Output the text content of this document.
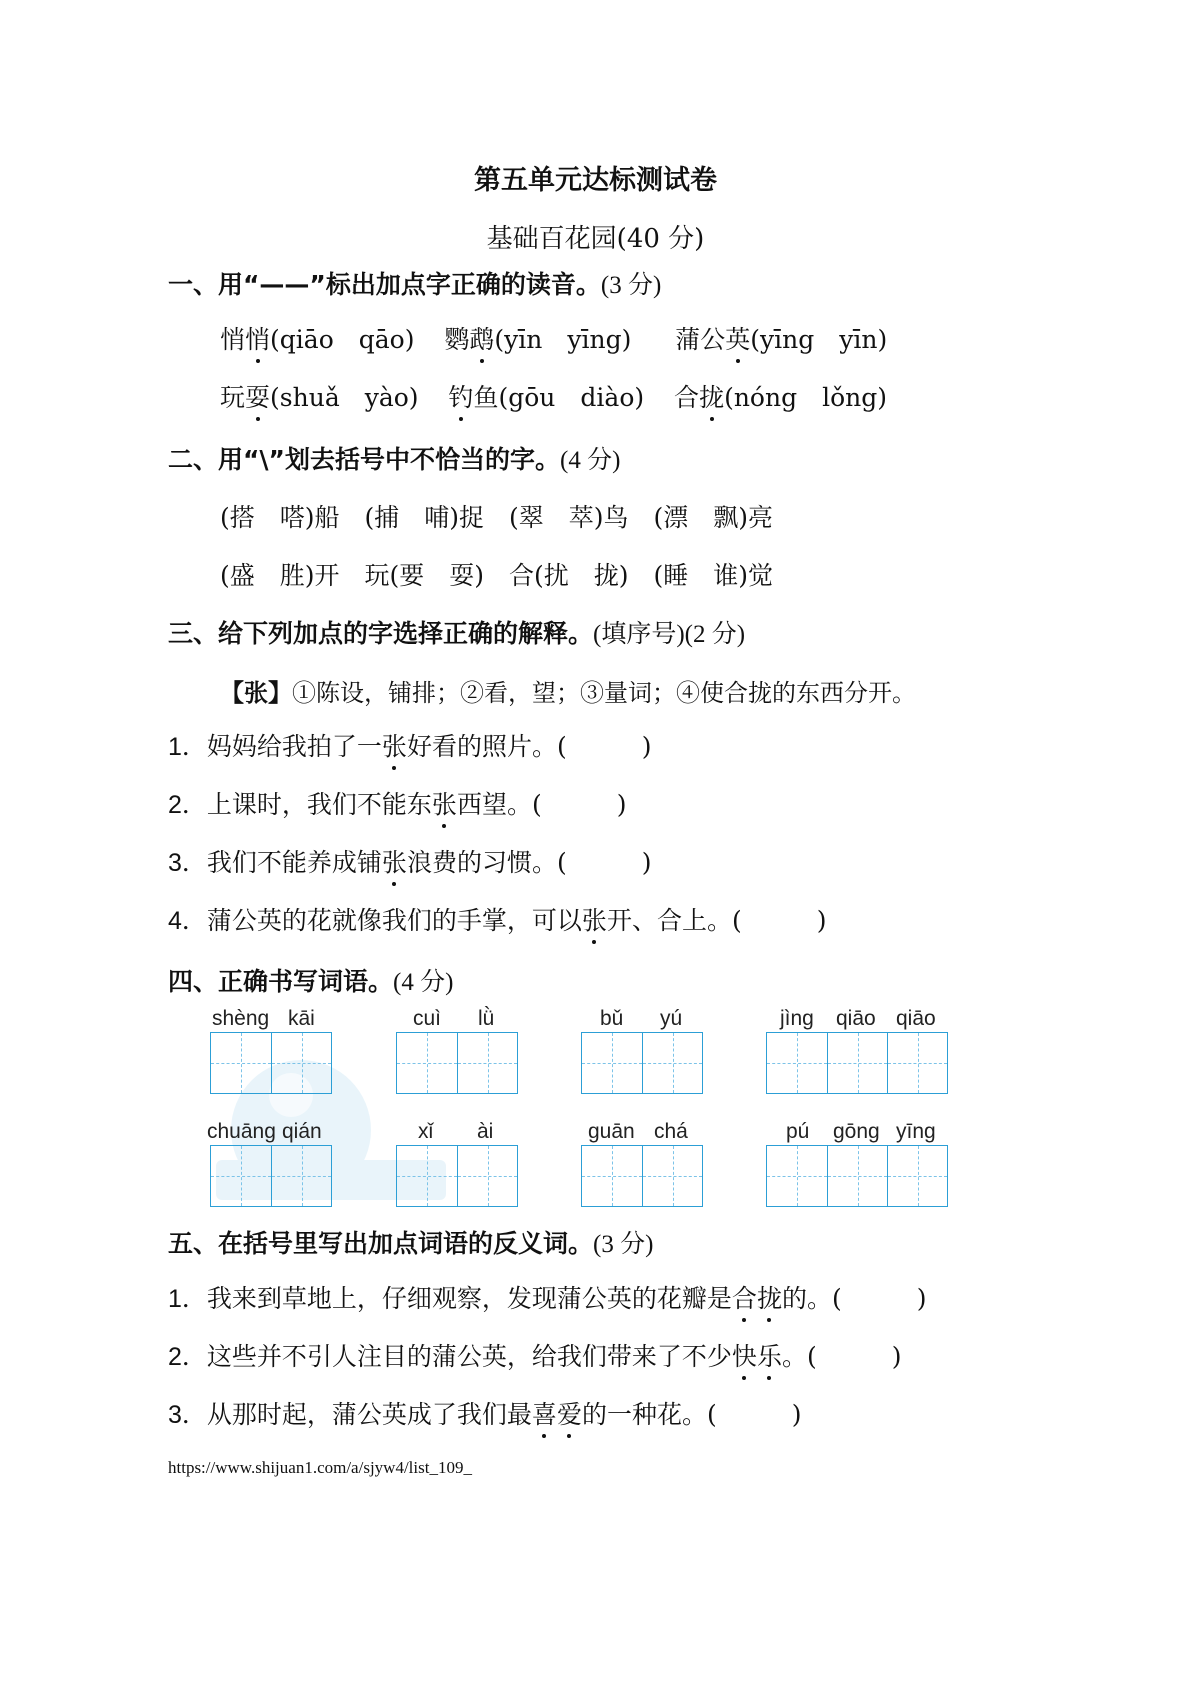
第五单元达标测试卷
基础百花园(40 分)
一、用“——”标出加点字正确的读音。(3 分)
悄悄(qiāo　qāo) 鹦鹉(yīn　yīng) 蒲公英(yīng　yīn)
玩耍(shuǎ　yào) 钓鱼(gōu　diào) 合拢(nóng　lǒng)
二、用“\”划去括号中不恰当的字。(4 分)
(搭　嗒)船　(捕　哺)捉　(翠　萃)鸟　(漂　飘)亮
(盛　胜)开　玩(要　耍)　合(扰　拢)　(睡　谁)觉
三、给下列加点的字选择正确的解释。(填序号)(2 分)
【张】①陈设，铺排；②看，望；③量词；④使合拢的东西分开。
1．妈妈给我拍了一张好看的照片。(　　　)
2．上课时，我们不能东张西望。(　　　)
3．我们不能养成铺张浪费的习惯。(　　　)
4．蒲公英的花就像我们的手掌，可以张开、合上。(　　　)
四、正确书写词语。(4 分)
shèng kāi	cuì lǜ	bǔ yú	jìng qiāo qiāo
chuāng qián	xǐ ài	guān chá	pú gōng yīng
五、在括号里写出加点词语的反义词。(3 分)
1．我来到草地上，仔细观察，发现蒲公英的花瓣是合拢的。(　　　)
2．这些并不引人注目的蒲公英，给我们带来了不少快乐。(　　　)
3．从那时起，蒲公英成了我们最喜爱的一种花。(　　　)
https://www.shijuan1.com/a/sjyw4/list_109_
